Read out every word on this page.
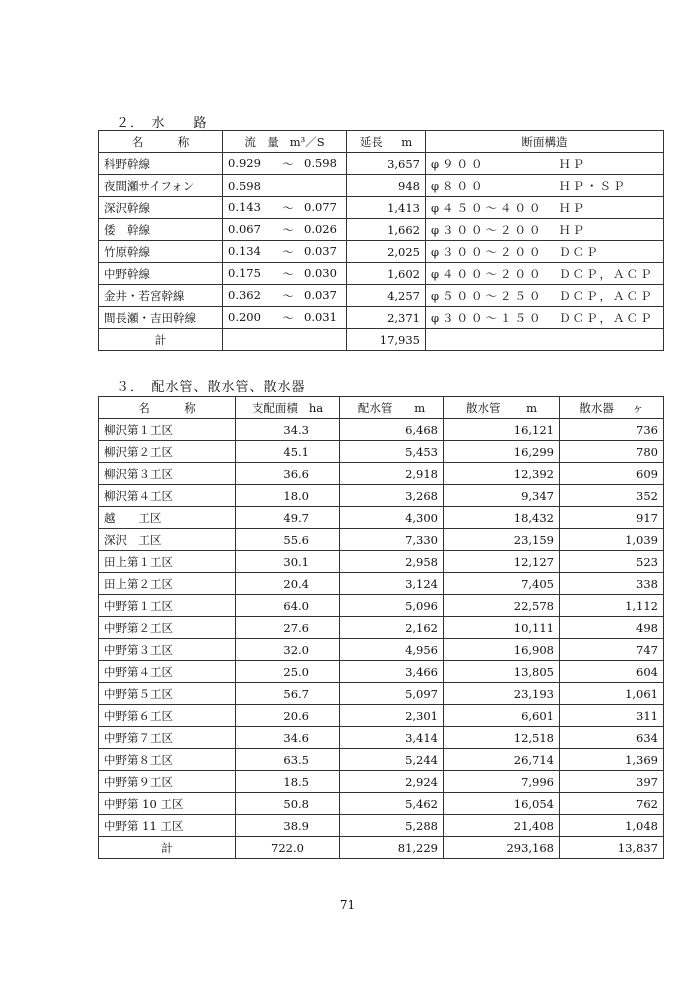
２．　水　　路
名　　　称	流　量 m³／S	延長 m	断面構造
科野幹線	0.929 ～ 0.598	3,657	φ９００ ＨＰ

夜間瀬サイフォン	0.598	948	φ８００ ＨＰ・ＳＰ

深沢幹線	0.143 ～ 0.077	1,413	φ４５０～４００ ＨＰ

倭　幹線	0.067 ～ 0.026	1,662	φ３００～２００ ＨＰ

竹原幹線	0.134 ～ 0.037	2,025	φ３００～２００ ＤＣＰ

中野幹線	0.175 ～ 0.030	1,602	φ４００～２００ ＤＣＰ，ＡＣＰ

金井・若宮幹線	0.362 ～ 0.037	4,257	φ５００～２５０ ＤＣＰ，ＡＣＰ

間長瀬・吉田幹線	0.200 ～ 0.031	2,371	φ３００～１５０ ＤＣＰ，ＡＣＰ

計		17,935	
３．　配水管、散水管、散水器
名　　　称	支配面積 ha	配水管 m	散水管 m	散水器 ヶ
柳沢第１工区	34.3	6,468	16,121	736
柳沢第２工区	45.1	5,453	16,299	780
柳沢第３工区	36.6	2,918	12,392	609
柳沢第４工区	18.0	3,268	9,347	352
越　　工区	49.7	4,300	18,432	917
深沢　工区	55.6	7,330	23,159	1,039
田上第１工区	30.1	2,958	12,127	523
田上第２工区	20.4	3,124	7,405	338
中野第１工区	64.0	5,096	22,578	1,112
中野第２工区	27.6	2,162	10,111	498
中野第３工区	32.0	4,956	16,908	747
中野第４工区	25.0	3,466	13,805	604
中野第５工区	56.7	5,097	23,193	1,061
中野第６工区	20.6	2,301	6,601	311
中野第７工区	34.6	3,414	12,518	634
中野第８工区	63.5	5,244	26,714	1,369
中野第９工区	18.5	2,924	7,996	397
中野第 10 工区	50.8	5,462	16,054	762
中野第 11 工区	38.9	5,288	21,408	1,048
計	722.0	81,229	293,168	13,837
71
